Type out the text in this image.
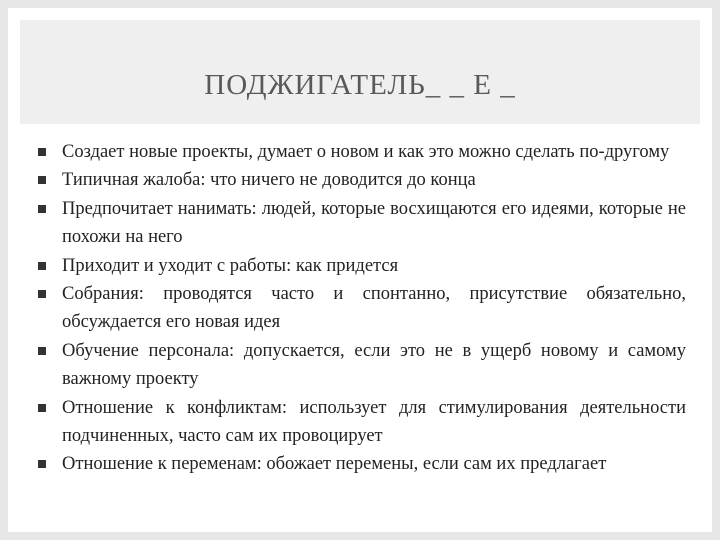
ПОДЖИГАТЕЛЬ_ _ Е _
Создает новые проекты, думает о новом и как это можно сделать по-другому
Типичная жалоба: что ничего не доводится до конца
Предпочитает нанимать: людей, которые восхищаются его идеями, которые не похожи на него
Приходит и уходит с работы: как придется
Собрания: проводятся часто и спонтанно, присутствие обязательно, обсуждается его новая идея
Обучение персонала: допускается, если это не в ущерб новому и самому важному проекту
Отношение к конфликтам: использует для стимулирования деятельности подчиненных, часто сам их провоцирует
Отношение к переменам: обожает перемены, если сам их предлагает
